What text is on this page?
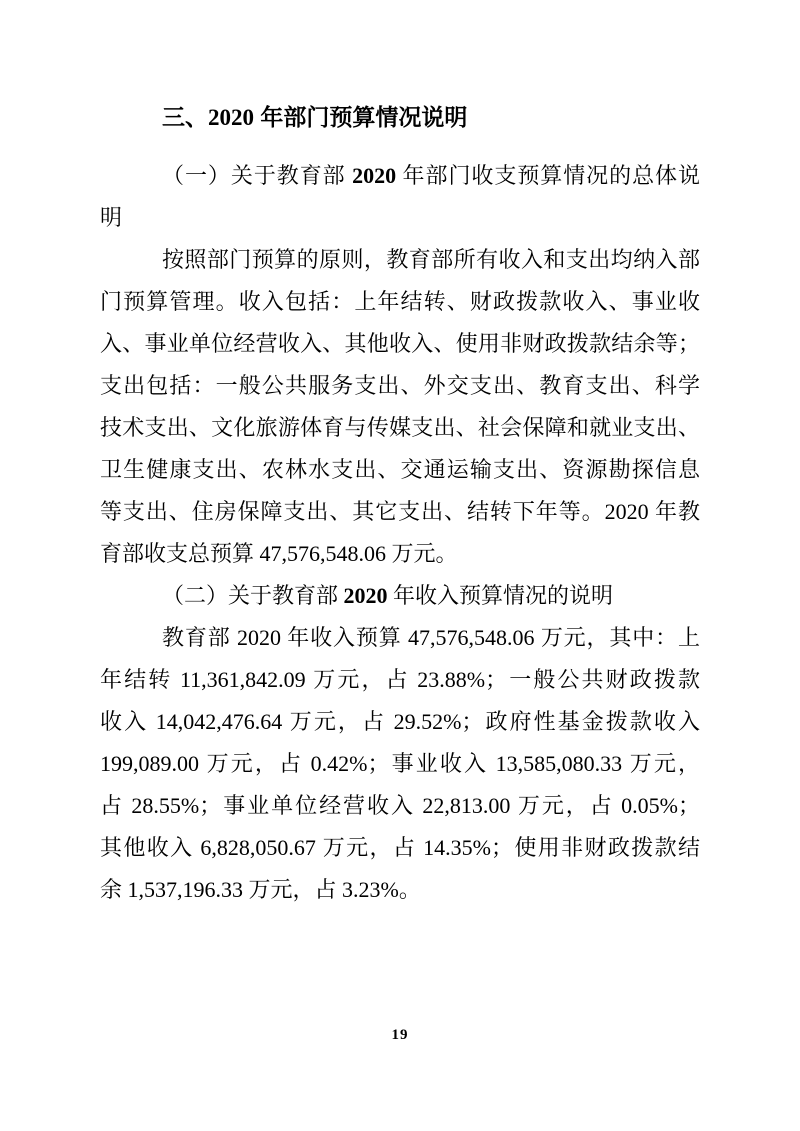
三、2020 年部门预算情况说明
（一）关于教育部 2020 年部门收支预算情况的总体说
明
按照部门预算的原则，教育部所有收入和支出均纳入部
门预算管理。收入包括：上年结转、财政拨款收入、事业收
入、事业单位经营收入、其他收入、使用非财政拨款结余等；
支出包括：一般公共服务支出、外交支出、教育支出、科学
技术支出、文化旅游体育与传媒支出、社会保障和就业支出、
卫生健康支出、农林水支出、交通运输支出、资源勘探信息
等支出、住房保障支出、其它支出、结转下年等。2020 年教
育部收支总预算 47,576,548.06 万元。
（二）关于教育部 2020 年收入预算情况的说明
教育部 2020 年收入预算 47,576,548.06 万元，其中：上
年结转 11,361,842.09 万元，占 23.88%；一般公共财政拨款
收入 14,042,476.64 万元，占 29.52%；政府性基金拨款收入
199,089.00 万元，占 0.42%；事业收入 13,585,080.33 万元，
占 28.55%；事业单位经营收入 22,813.00 万元，占 0.05%；
其他收入 6,828,050.67 万元，占 14.35%；使用非财政拨款结
余 1,537,196.33 万元，占 3.23%。
19
